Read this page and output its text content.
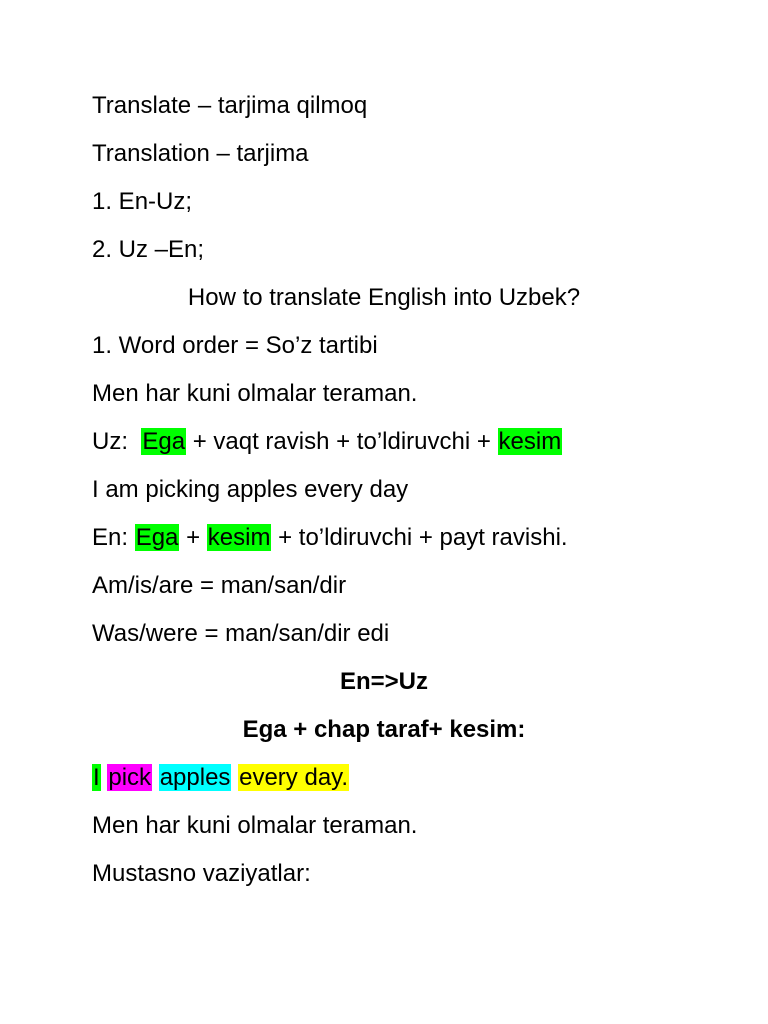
Translate – tarjima qilmoq
Translation – tarjima
1. En-Uz;
2. Uz –En;
How to translate English into Uzbek?
1. Word order = So’z tartibi
Men har kuni olmalar teraman.
Uz:  Ega + vaqt ravish + to’ldiruvchi + kesim
I am picking apples every day
En: Ega + kesim + to’ldiruvchi + payt ravishi.
Am/is/are = man/san/dir
Was/were = man/san/dir edi
En=>Uz
Ega + chap taraf+ kesim:
I pick apples every day.
Men har kuni olmalar teraman.
Mustasno vaziyatlar:
